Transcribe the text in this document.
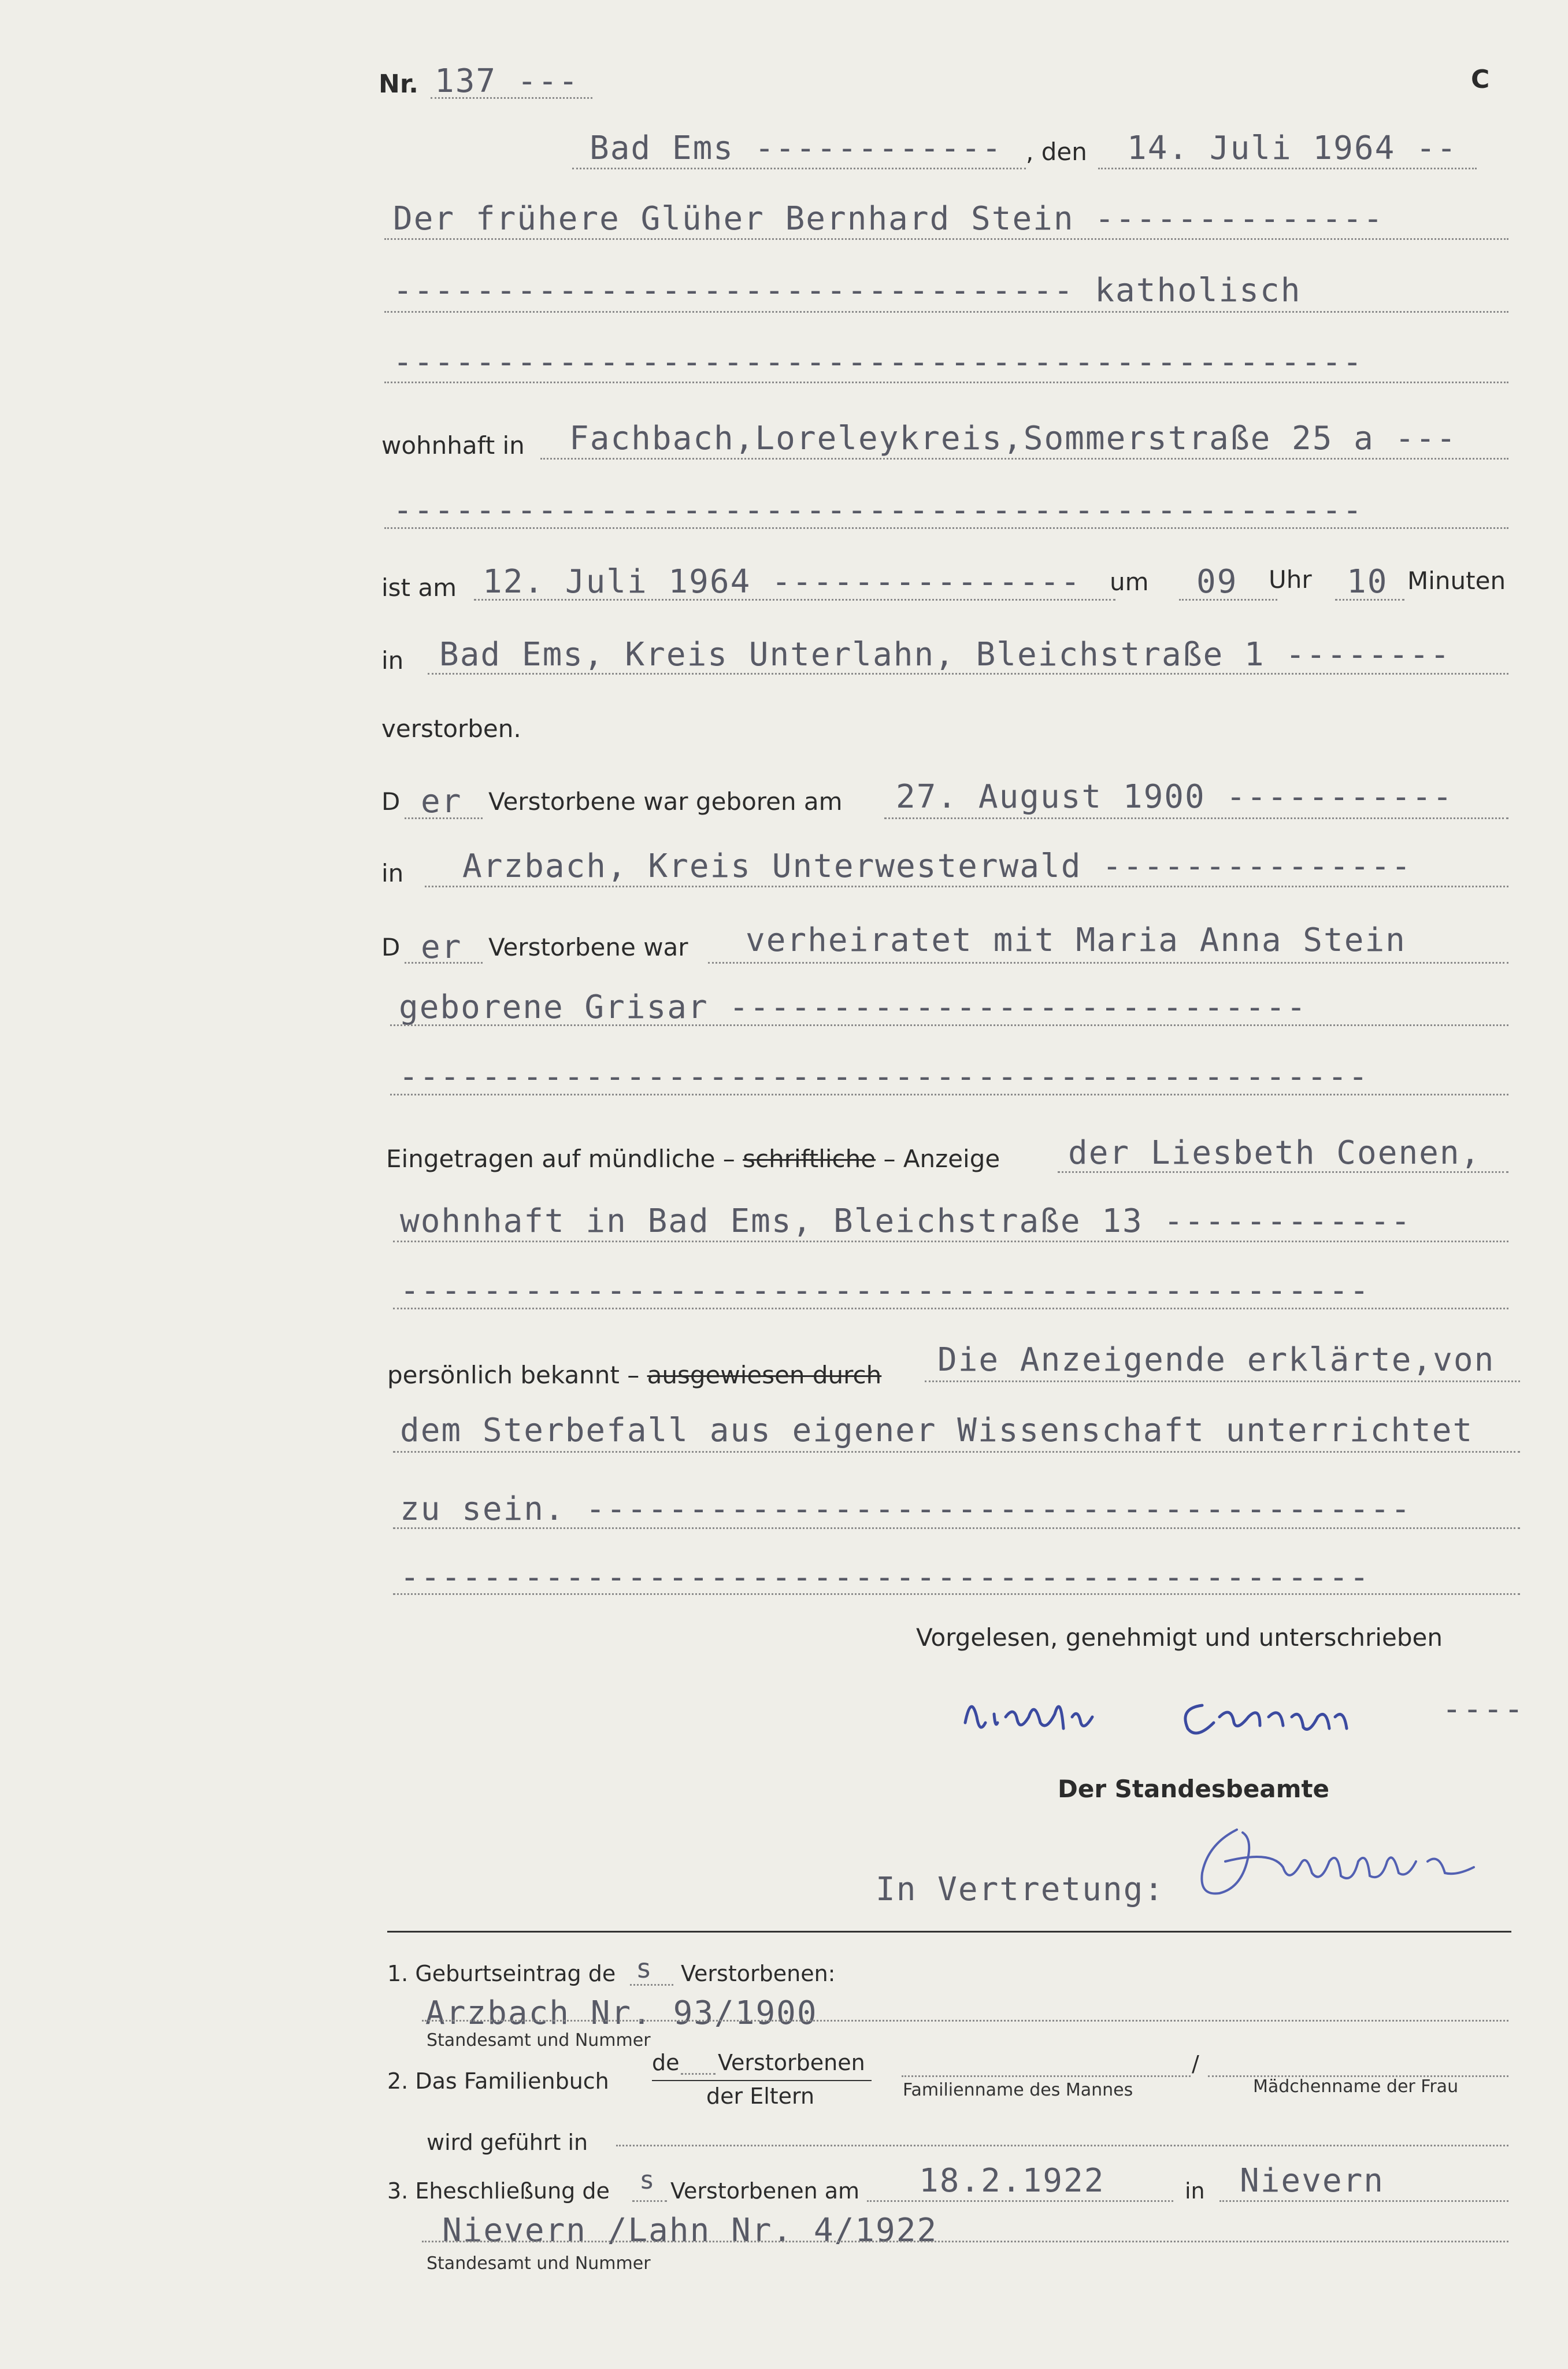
Nr. 137 ---	C
Bad Ems ------------ , den 14. Juli 1964 --
Der frühere Glüher Bernhard Stein --------------
--------------------------------- katholisch
-----------------------------------------------
wohnhaft in Fachbach,Loreleykreis,Sommerstraße 25 a ---
-----------------------------------------------
ist am 12. Juli 1964 --------------- um 09 Uhr 10 Minuten
in Bad Ems, Kreis Unterlahn, Bleichstraße 1 --------
verstorben.
D er Verstorbene war geboren am 27. August 1900 -----------
in Arzbach, Kreis Unterwesterwald ---------------
D er Verstorbene war verheiratet mit Maria Anna Stein
geborene Grisar ----------------------------
-----------------------------------------------
Eingetragen auf mündliche – schriftliche – Anzeige der Liesbeth Coenen,
wohnhaft in Bad Ems, Bleichstraße 13 ------------
-----------------------------------------------
persönlich bekannt – ausgewiesen durch Die Anzeigende erklärte,von
dem Sterbefall aus eigener Wissenschaft unterrichtet
zu sein. ----------------------------------------
-----------------------------------------------
Vorgelesen, genehmigt und unterschrieben
----
Der Standesbeamte
In Vertretung:
1. Geburtseintrag de s Verstorbenen:
Arzbach Nr. 93/1900
Standesamt und Nummer
de Verstorbenen
2. Das Familienbuch
der Eltern
/
Familienname des Mannes	Mädchenname der Frau
wird geführt in
3. Eheschließung de s Verstorbenen am 18.2.1922	in Nievern
Nievern /Lahn Nr. 4/1922
Standesamt und Nummer
